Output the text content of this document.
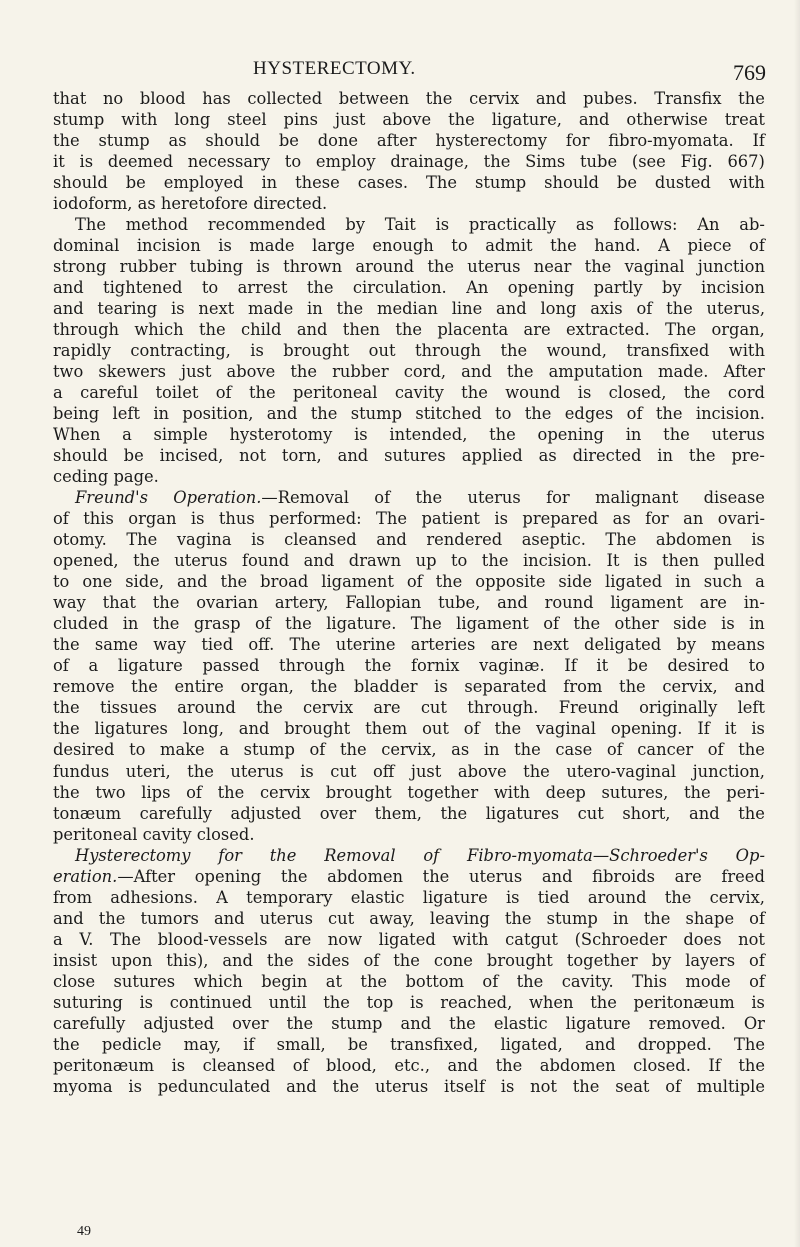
HYSTERECTOMY.	769
that no blood has collected between the cervix and pubes. Transfix the
stump with long steel pins just above the ligature, and otherwise treat
the stump as should be done after hysterectomy for fibro-myomata. If
it is deemed necessary to employ drainage, the Sims tube (see Fig. 667)
should be employed in these cases. The stump should be dusted with
iodoform, as heretofore directed.
The method recommended by Tait is practically as follows: An ab-
dominal incision is made large enough to admit the hand. A piece of
strong rubber tubing is thrown around the uterus near the vaginal junction
and tightened to arrest the circulation. An opening partly by incision
and tearing is next made in the median line and long axis of the uterus,
through which the child and then the placenta are extracted. The organ,
rapidly contracting, is brought out through the wound, transfixed with
two skewers just above the rubber cord, and the amputation made. After
a careful toilet of the peritoneal cavity the wound is closed, the cord
being left in position, and the stump stitched to the edges of the incision.
When a simple hysterotomy is intended, the opening in the uterus
should be incised, not torn, and sutures applied as directed in the pre-
ceding page.
Freund's Operation.—Removal of the uterus for malignant disease
of this organ is thus performed: The patient is prepared as for an ovari-
otomy. The vagina is cleansed and rendered aseptic. The abdomen is
opened, the uterus found and drawn up to the incision. It is then pulled
to one side, and the broad ligament of the opposite side ligated in such a
way that the ovarian artery, Fallopian tube, and round ligament are in-
cluded in the grasp of the ligature. The ligament of the other side is in
the same way tied off. The uterine arteries are next deligated by means
of a ligature passed through the fornix vaginæ. If it be desired to
remove the entire organ, the bladder is separated from the cervix, and
the tissues around the cervix are cut through. Freund originally left
the ligatures long, and brought them out of the vaginal opening. If it is
desired to make a stump of the cervix, as in the case of cancer of the
fundus uteri, the uterus is cut off just above the utero-vaginal junction,
the two lips of the cervix brought together with deep sutures, the peri-
tonæum carefully adjusted over them, the ligatures cut short, and the
peritoneal cavity closed.
Hysterectomy for the Removal of Fibro-myomata—Schroeder's Op-
eration.—After opening the abdomen the uterus and fibroids are freed
from adhesions. A temporary elastic ligature is tied around the cervix,
and the tumors and uterus cut away, leaving the stump in the shape of
a V. The blood-vessels are now ligated with catgut (Schroeder does not
insist upon this), and the sides of the cone brought together by layers of
close sutures which begin at the bottom of the cavity. This mode of
suturing is continued until the top is reached, when the peritonæum is
carefully adjusted over the stump and the elastic ligature removed. Or
the pedicle may, if small, be transfixed, ligated, and dropped. The
peritonæum is cleansed of blood, etc., and the abdomen closed. If the
myoma is pedunculated and the uterus itself is not the seat of multiple
49
